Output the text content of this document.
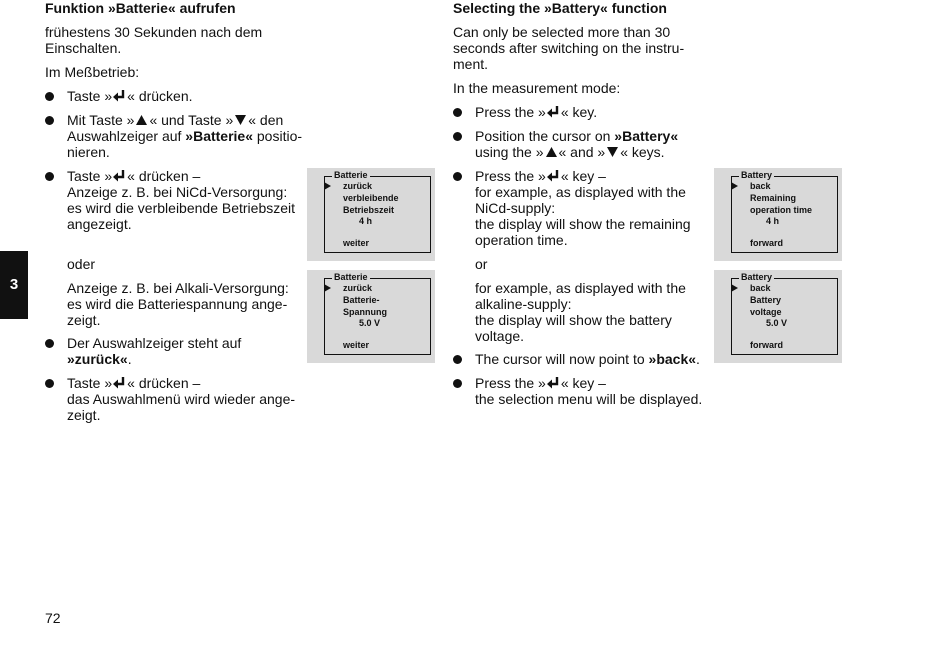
3
72
Funktion »Batterie« aufrufen
frühestens 30 Sekunden nach dem
Einschalten.
Im Meßbetrieb:
Taste » « drücken.
Mit Taste » « und Taste » « den
Auswahlzeiger auf »Batterie« positio-
nieren.
Taste » « drücken –
Anzeige z. B. bei NiCd-Versorgung:
es wird die verbleibende Betriebszeit
angezeigt.
oder
Anzeige z. B. bei Alkali-Versorgung:
es wird die Batteriespannung ange-
zeigt.
Der Auswahlzeiger steht auf
»zurück«.
Taste » « drücken –
das Auswahlmenü wird wieder ange-
zeigt.
Batterie
zurück
verbleibende
Betriebszeit
4 h
weiter
Batterie
zurück
Batterie-
Spannung
5.0 V
weiter
Selecting the »Battery« function
Can only be selected more than 30
seconds after switching on the instru-
ment.
In the measurement mode:
Press the » « key.
Position the cursor on »Battery«
using the » « and » « keys.
Press the » « key –
for example, as displayed with the
NiCd-supply:
the display will show the remaining
operation time.
or
for example, as displayed with the
alkaline-supply:
the display will show the battery
voltage.
The cursor will now point to »back«.
Press the » « key –
the selection menu will be displayed.
Battery
back
Remaining
operation time
4 h
forward
Battery
back
Battery
voltage
5.0 V
forward
